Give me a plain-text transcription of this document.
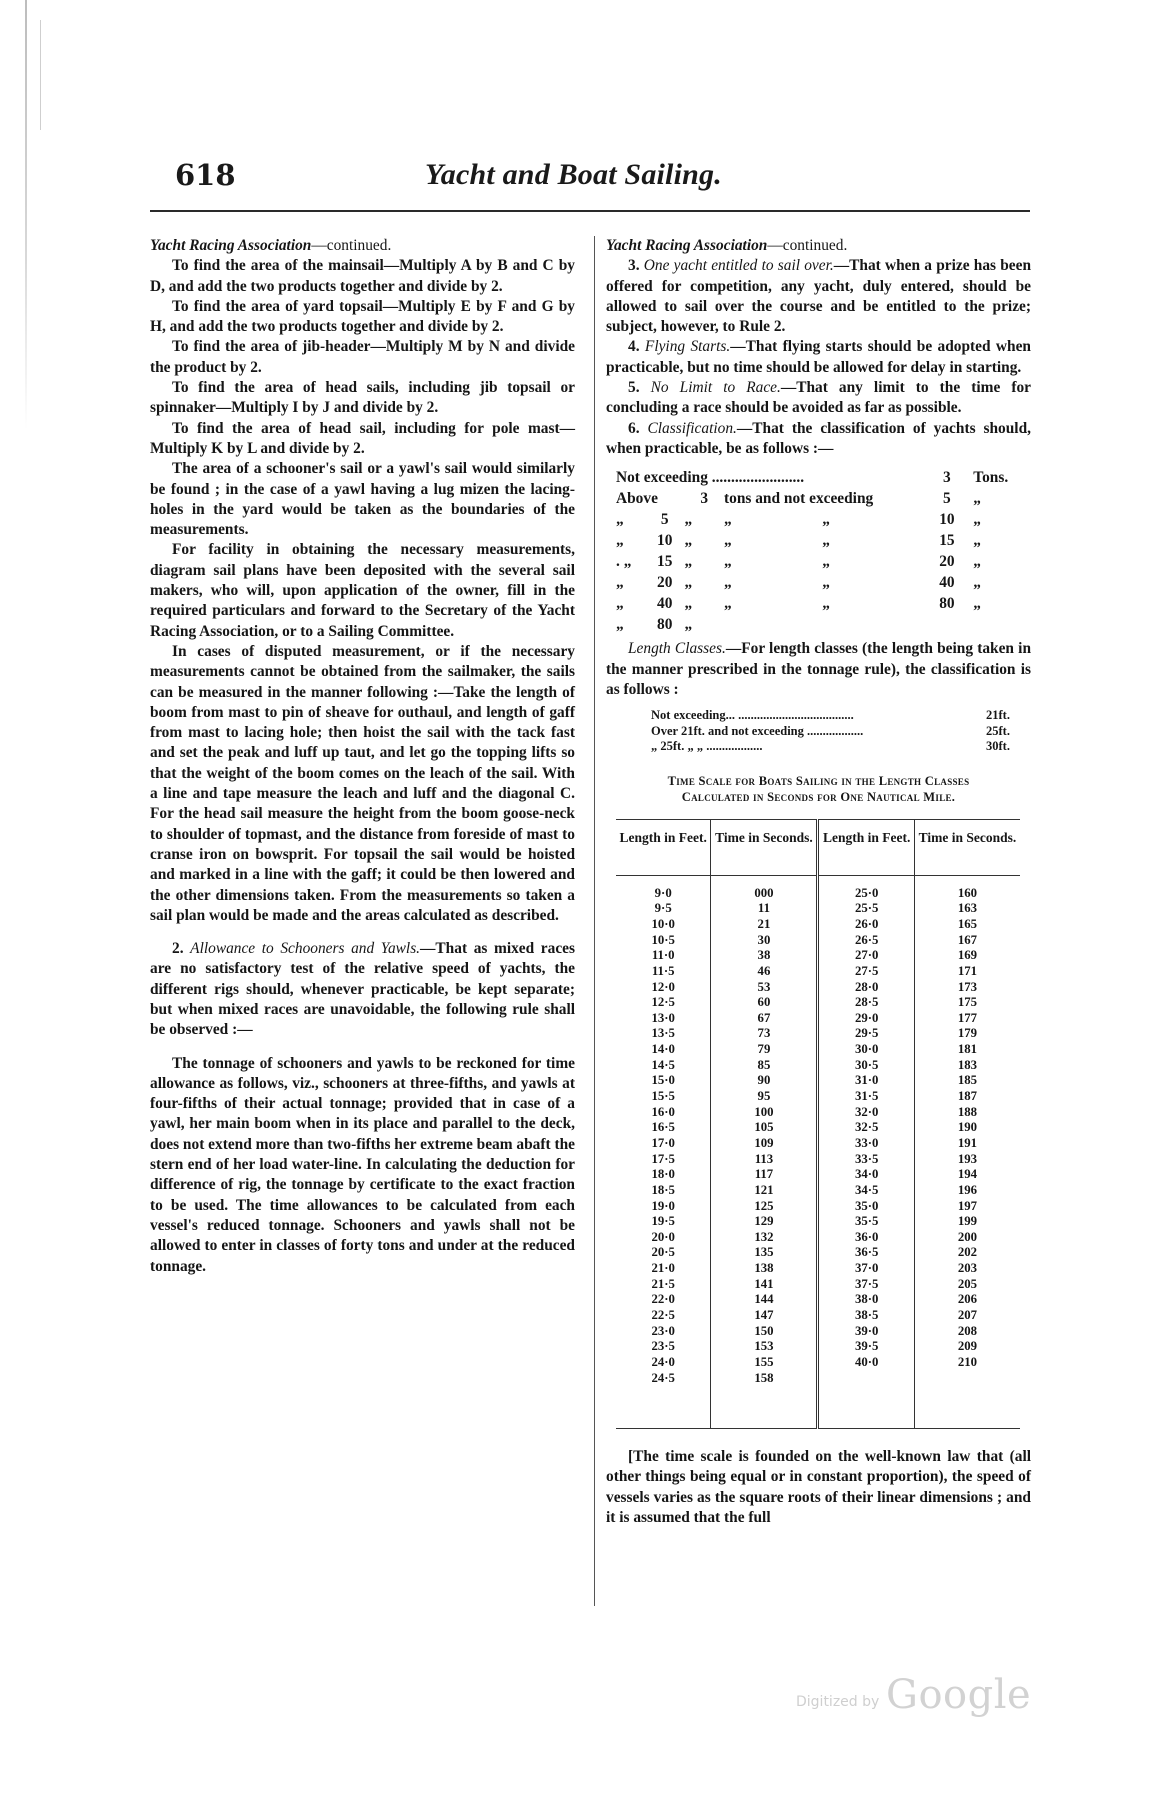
618	Yacht and Boat Sailing.

Yacht Racing Association—continued.

To find the area of the mainsail—Multiply A by B and C by D, and add the two products together and divide by 2.

To find the area of yard topsail—Multiply E by F and G by H, and add the two products together and divide by 2.

To find the area of jib-header—Multiply M by N and divide the product by 2.

To find the area of head sails, including jib topsail or spinnaker—Multiply I by J and divide by 2.

To find the area of head sail, including for pole mast—Multiply K by L and divide by 2.

The area of a schooner's sail or a yawl's sail would similarly be found ; in the case of a yawl having a lug mizen the lacing-holes in the yard would be taken as the boundaries of the measurements.

For facility in obtaining the necessary measurements, diagram sail plans have been deposited with the several sail makers, who will, upon application of the owner, fill in the required particulars and forward to the Secretary of the Yacht Racing Association, or to a Sailing Committee.

In cases of disputed measurement, or if the necessary measurements cannot be obtained from the sailmaker, the sails can be measured in the manner following :—Take the length of boom from mast to pin of sheave for outhaul, and length of gaff from mast to lacing hole; then hoist the sail with the tack fast and set the peak and luff up taut, and let go the topping lifts so that the weight of the boom comes on the leach of the sail. With a line and tape measure the leach and luff and the diagonal C. For the head sail measure the height from the boom goose-neck to shoulder of topmast, and the distance from foreside of mast to cranse iron on bowsprit. For topsail the sail would be hoisted and marked in a line with the gaff; it could be then lowered and the other dimensions taken. From the measurements so taken a sail plan would be made and the areas calculated as described.

2. Allowance to Schooners and Yawls.—That as mixed races are no satisfactory test of the relative speed of yachts, the different rigs should, whenever practicable, be kept separate; but when mixed races are unavoidable, the following rule shall be observed :—

The tonnage of schooners and yawls to be reckoned for time allowance as follows, viz., schooners at three-fifths, and yawls at four-fifths of their actual tonnage; provided that in case of a yawl, her main boom when in its place and parallel to the deck, does not extend more than two-fifths her extreme beam abaft the stern end of her load water-line. In calculating the deduction for difference of rig, the tonnage by certificate to the exact fraction to be used. The time allowances to be calculated from each vessel's reduced tonnage. Schooners and yawls shall not be allowed to enter in classes of forty tons and under at the reduced tonnage.

Yacht Racing Association—continued.

3. One yacht entitled to sail over.—That when a prize has been offered for competition, any yacht, duly entered, should be allowed to sail over the course and be entitled to the prize; subject, however, to Rule 2.

4. Flying Starts.—That flying starts should be adopted when practicable, but no time should be allowed for delay in starting.

5. No Limit to Race.—That any limit to the time for concluding a race should be avoided as far as possible.

6. Classification.—That the classification of yachts should, when practicable, be as follows :—

Not exceeding ........................					3	Tons.
Above		3	tons and not exceeding		5	„
„	5	„	„	„	10	„
„	10	„	„	„	15	„
. „	15	„	„	„	20	„
„	20	„	„	„	40	„
„	40	„	„	„	80	„
„	80	„				

Length Classes.—For length classes (the length being taken in the manner prescribed in the tonnage rule), the classification is as follows :

Not exceeding... .....................................	21ft.
Over 21ft. and not exceeding ..................	25ft.
„ 25ft. „ „ ..................	30ft.
Time Scale for Boats Sailing in the Length Classes
Calculated in Seconds for One Nautical Mile.
Length in Feet.	Time in Seconds.	Length in Feet.	Time in Seconds.
9·0	000	25·0	160
9·5	11	25·5	163
10·0	21	26·0	165
10·5	30	26·5	167
11·0	38	27·0	169
11·5	46	27·5	171
12·0	53	28·0	173
12·5	60	28·5	175
13·0	67	29·0	177
13·5	73	29·5	179
14·0	79	30·0	181
14·5	85	30·5	183
15·0	90	31·0	185
15·5	95	31·5	187
16·0	100	32·0	188
16·5	105	32·5	190
17·0	109	33·0	191
17·5	113	33·5	193
18·0	117	34·0	194
18·5	121	34·5	196
19·0	125	35·0	197
19·5	129	35·5	199
20·0	132	36·0	200
20·5	135	36·5	202
21·0	138	37·0	203
21·5	141	37·5	205
22·0	144	38·0	206
22·5	147	38·5	207
23·0	150	39·0	208
23·5	153	39·5	209
24·0	155	40·0	210
24·5	158		

[The time scale is founded on the well-known law that (all other things being equal or in constant proportion), the speed of vessels varies as the square roots of their linear dimensions ; and it is assumed that the full

Digitized by Google
